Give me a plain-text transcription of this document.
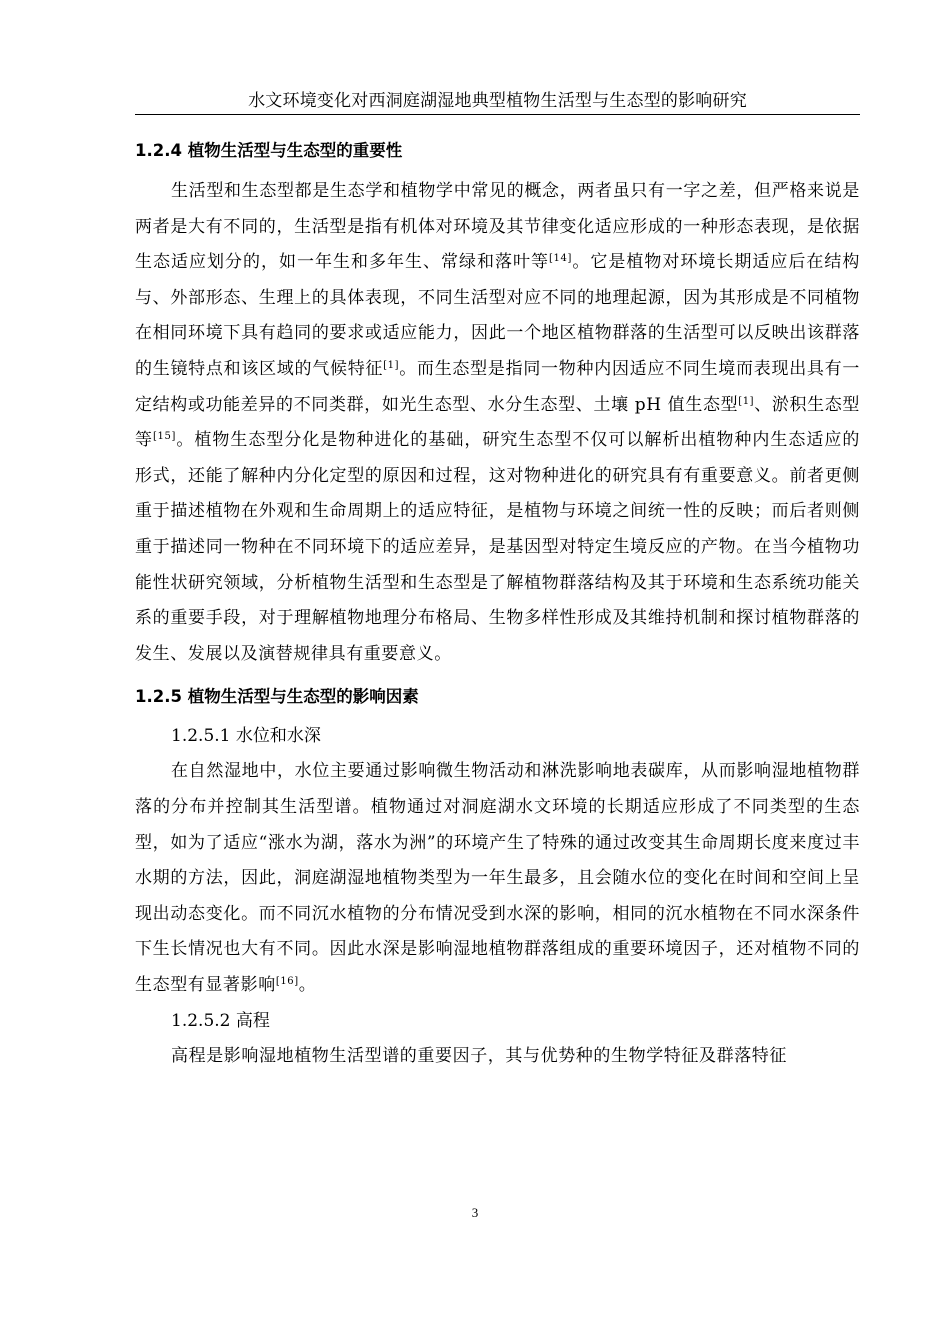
水文环境变化对西洞庭湖湿地典型植物生活型与生态型的影响研究
1.2.4 植物生活型与生态型的重要性

生活型和生态型都是生态学和植物学中常见的概念，两者虽只有一字之差，但严格来说是两者是大有不同的，生活型是指有机体对环境及其节律变化适应形成的一种形态表现，是依据生态适应划分的，如一年生和多年生、常绿和落叶等[14]。它是植物对环境长期适应后在结构与、外部形态、生理上的具体表现，不同生活型对应不同的地理起源，因为其形成是不同植物在相同环境下具有趋同的要求或适应能力，因此一个地区植物群落的生活型可以反映出该群落的生镜特点和该区域的气候特征[1]。而生态型是指同一物种内因适应不同生境而表现出具有一定结构或功能差异的不同类群，如光生态型、水分生态型、土壤 pH 值生态型[1]、淤积生态型等[15]。植物生态型分化是物种进化的基础，研究生态型不仅可以解析出植物种内生态适应的形式，还能了解种内分化定型的原因和过程，这对物种进化的研究具有有重要意义。前者更侧重于描述植物在外观和生命周期上的适应特征，是植物与环境之间统一性的反映；而后者则侧重于描述同一物种在不同环境下的适应差异，是基因型对特定生境反应的产物。在当今植物功能性状研究领域，分析植物生活型和生态型是了解植物群落结构及其于环境和生态系统功能关系的重要手段，对于理解植物地理分布格局、生物多样性形成及其维持机制和探讨植物群落的发生、发展以及演替规律具有重要意义。

1.2.5 植物生活型与生态型的影响因素
1.2.5.1 水位和水深

在自然湿地中，水位主要通过影响微生物活动和淋洗影响地表碳库，从而影响湿地植物群落的分布并控制其生活型谱。植物通过对洞庭湖水文环境的长期适应形成了不同类型的生态型，如为了适应“涨水为湖，落水为洲”的环境产生了特殊的通过改变其生命周期长度来度过丰水期的方法，因此，洞庭湖湿地植物类型为一年生最多，且会随水位的变化在时间和空间上呈现出动态变化。而不同沉水植物的分布情况受到水深的影响，相同的沉水植物在不同水深条件下生长情况也大有不同。因此水深是影响湿地植物群落组成的重要环境因子，还对植物不同的生态型有显著影响[16]。

1.2.5.2 高程

高程是影响湿地植物生活型谱的重要因子，其与优势种的生物学特征及群落特征

3
